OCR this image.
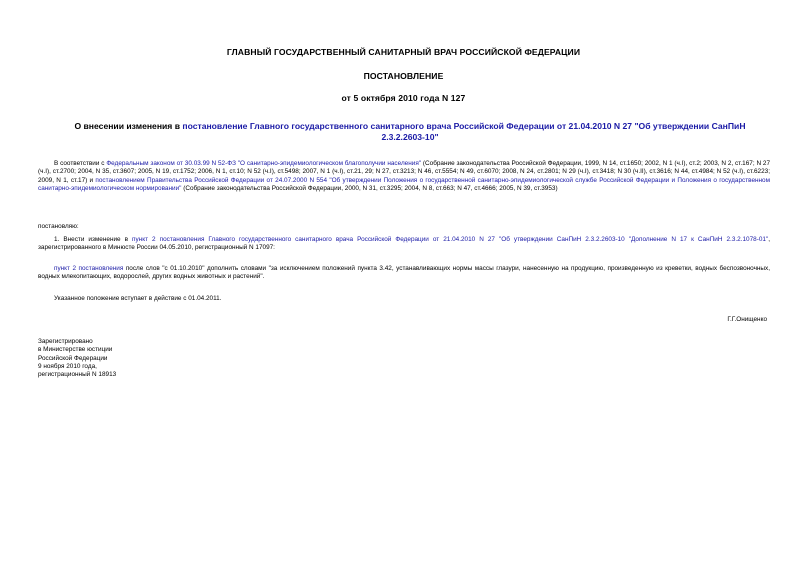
ГЛАВНЫЙ ГОСУДАРСТВЕННЫЙ САНИТАРНЫЙ ВРАЧ РОССИЙСКОЙ ФЕДЕРАЦИИ
ПОСТАНОВЛЕНИЕ
от 5 октября 2010 года N 127
О внесении изменения в постановление Главного государственного санитарного врача Российской Федерации от 21.04.2010 N 27 "Об утверждении СанПиН 2.3.2.2603-10"
В соответствии с Федеральным законом от 30.03.99 N 52-ФЗ "О санитарно-эпидемиологическом благополучии населения" (Собрание законодательства Российской Федерации, 1999, N 14, ст.1650; 2002, N 1 (ч.I), ст.2; 2003, N 2, ст.167; N 27 (ч.I), ст.2700; 2004, N 35, ст.3607; 2005, N 19, ст.1752; 2006, N 1, ст.10; N 52 (ч.I), ст.5498; 2007, N 1 (ч.I), ст.21, 29; N 27, ст.3213; N 46, ст.5554; N 49, ст.6070; 2008, N 24, ст.2801; N 29 (ч.I), ст.3418; N 30 (ч.II), ст.3616; N 44, ст.4984; N 52 (ч.I), ст.6223; 2009, N 1, ст.17) и постановлением Правительства Российской Федерации от 24.07.2000 N 554 "Об утверждении Положения о государственной санитарно-эпидемиологической службе Российской Федерации и Положения о государственном санитарно-эпидемиологическом нормировании" (Собрание законодательства Российской Федерации, 2000, N 31, ст.3295; 2004, N 8, ст.663; N 47, ст.4666; 2005, N 39, ст.3953)
постановляю:
1. Внести изменение в пункт 2 постановления Главного государственного санитарного врача Российской Федерации от 21.04.2010 N 27 "Об утверждении СанПиН 2.3.2.2603-10 "Дополнение N 17 к СанПиН 2.3.2.1078-01", зарегистрированного в Минюсте России 04.05.2010, регистрационный N 17097:
пункт 2 постановления после слов "с 01.10.2010" дополнить словами "за исключением положений пункта 3.42, устанавливающих нормы массы глазури, нанесенную на продукцию, произведенную из креветки, водных беспозвоночных, водных млекопитающих, водорослей, других водных животных и растений".
Указанное положение вступает в действие с 01.04.2011.
Г.Г.Онищенко
Зарегистрировано
в Министерстве юстиции
Российской Федерации
9 ноября 2010 года,
регистрационный N 18913
